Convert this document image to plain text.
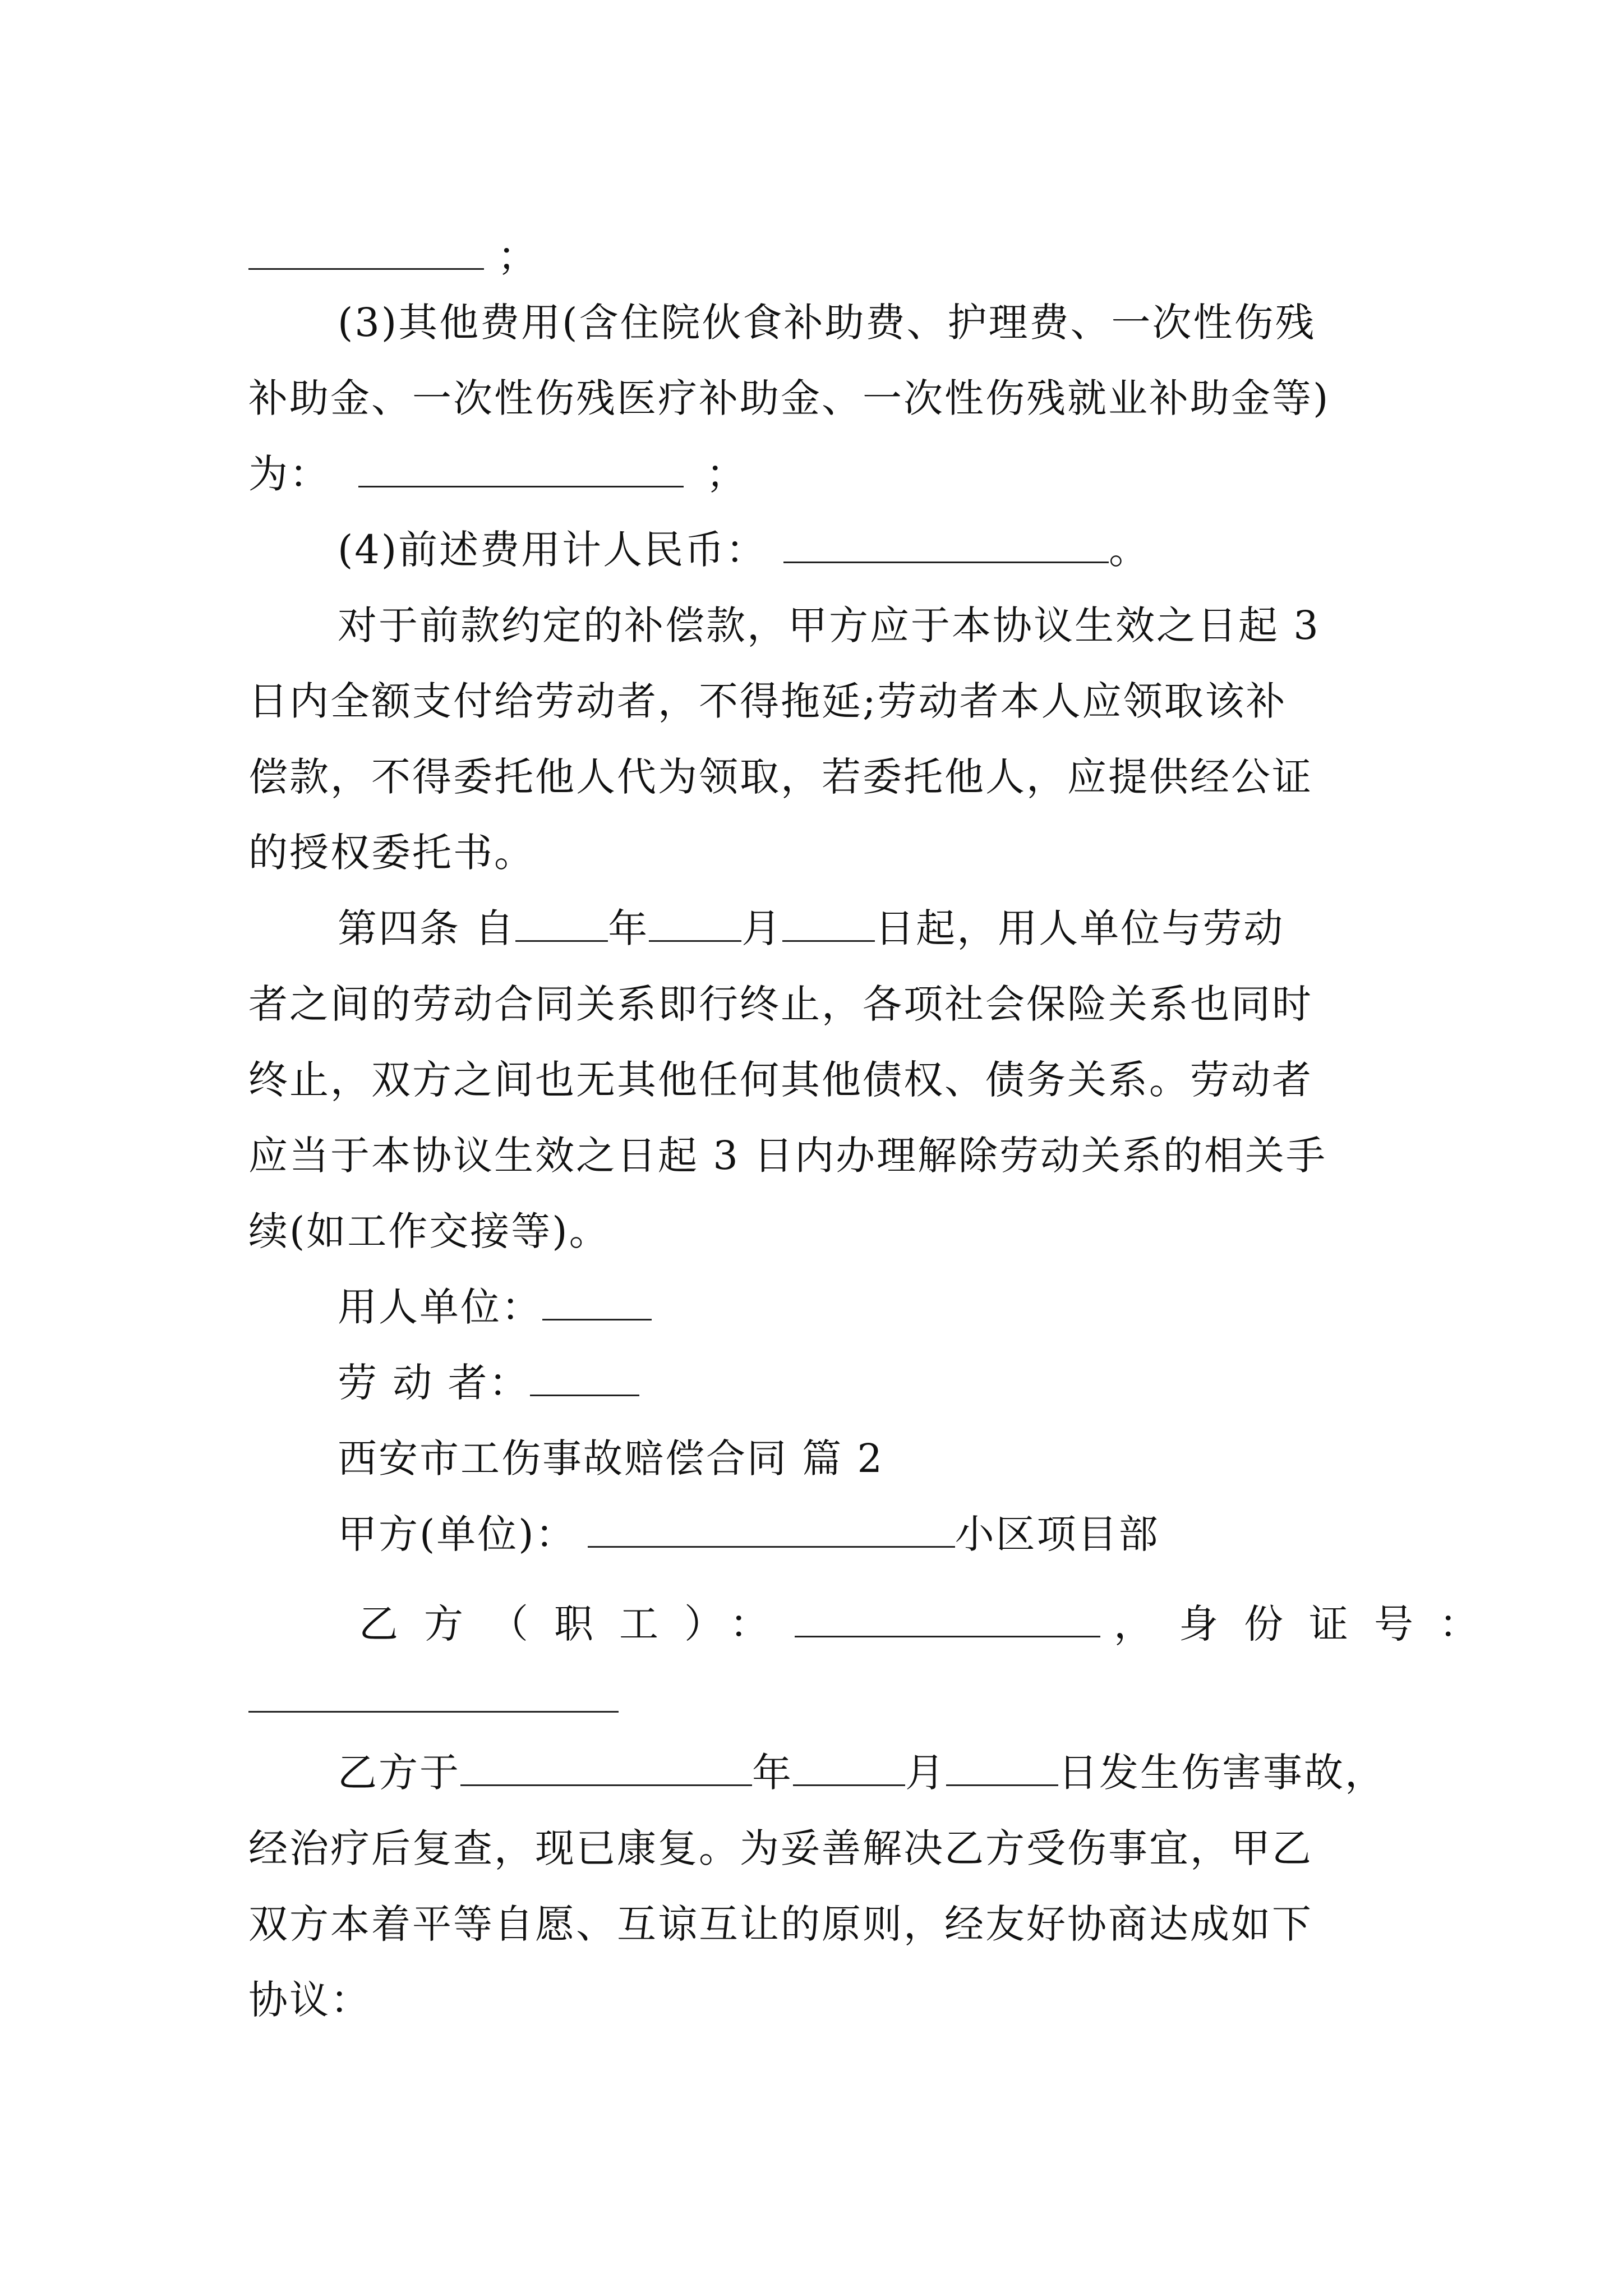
；
(3)其他费用(含住院伙食补助费、护理费、一次性伤残
补助金、一次性伤残医疗补助金、一次性伤残就业补助金等)
为：	；
(4)前述费用计人民币：	。
对于前款约定的补偿款，甲方应于本协议生效之日起 3
日内全额支付给劳动者，不得拖延;劳动者本人应领取该补
偿款，不得委托他人代为领取，若委托他人，应提供经公证
的授权委托书。
第四条 自 年 月 日起，用人单位与劳动
者之间的劳动合同关系即行终止，各项社会保险关系也同时
终止，双方之间也无其他任何其他债权、债务关系。劳动者
应当于本协议生效之日起 3 日内办理解除劳动关系的相关手
续(如工作交接等)。
用人单位：
劳 动 者：
西安市工伤事故赔偿合同 篇 2
甲方(单位)：	小区项目部
乙方（职工）：	，身份证号：
乙方于	年	月	日发生伤害事故，
经治疗后复查，现已康复。为妥善解决乙方受伤事宜，甲乙
双方本着平等自愿、互谅互让的原则，经友好协商达成如下
协议：
